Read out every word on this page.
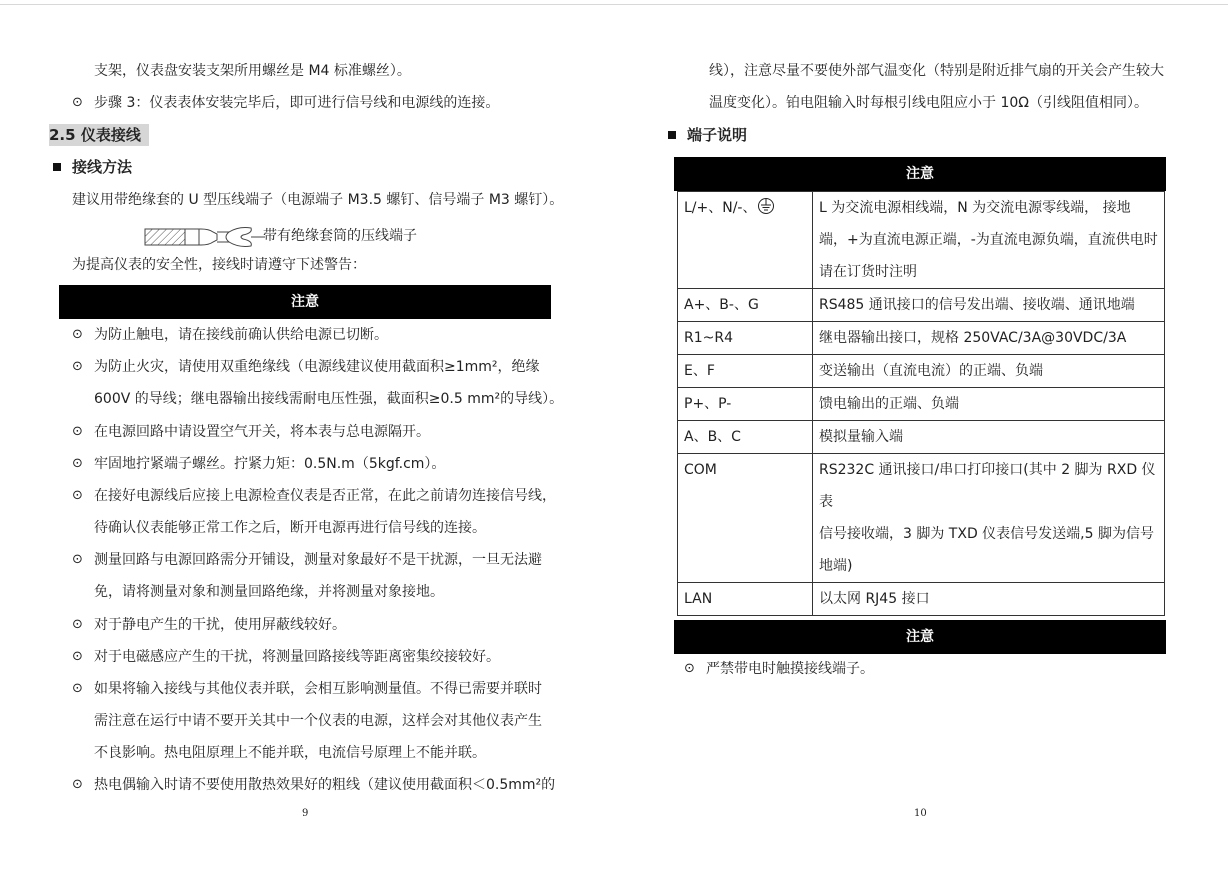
支架，仪表盘安装支架所用螺丝是 M4 标准螺丝）。
⊙ 步骤 3：仪表表体安装完毕后，即可进行信号线和电源线的连接。
2.5 仪表接线
接线方法
建议用带绝缘套的 U 型压线端子（电源端子 M3.5 螺钉、信号端子 M3 螺钉）。
带有绝缘套筒的压线端子
为提高仪表的安全性，接线时请遵守下述警告：
注意
⊙ 为防止触电，请在接线前确认供给电源已切断。
⊙ 为防止火灾，请使用双重绝缘线（电源线建议使用截面积≥1mm²，绝缘
600V 的导线；继电器输出接线需耐电压性强，截面积≥0.5 mm²的导线）。
⊙ 在电源回路中请设置空气开关，将本表与总电源隔开。
⊙ 牢固地拧紧端子螺丝。拧紧力矩：0.5N.m（5kgf.cm）。
⊙ 在接好电源线后应接上电源检查仪表是否正常，在此之前请勿连接信号线，
待确认仪表能够正常工作之后，断开电源再进行信号线的连接。
⊙ 测量回路与电源回路需分开铺设，测量对象最好不是干扰源，一旦无法避
免，请将测量对象和测量回路绝缘，并将测量对象接地。
⊙ 对于静电产生的干扰，使用屏蔽线较好。
⊙ 对于电磁感应产生的干扰，将测量回路接线等距离密集绞接较好。
⊙ 如果将输入接线与其他仪表并联，会相互影响测量值。不得已需要并联时
需注意在运行中请不要开关其中一个仪表的电源，这样会对其他仪表产生
不良影响。热电阻原理上不能并联，电流信号原理上不能并联。
⊙ 热电偶输入时请不要使用散热效果好的粗线（建议使用截面积＜0.5mm²的
9
线），注意尽量不要使外部气温变化（特别是附近排气扇的开关会产生较大
温度变化）。铂电阻输入时每根引线电阻应小于 10Ω（引线阻值相同）。
端子说明
注意
L/+、N/-、	L 为交流电源相线端，N 为交流电源零线端， 接地
端，+为直流电源正端，-为直流电源负端，直流供电时
请在订货时注明

A+、B-、G	RS485 通讯接口的信号发出端、接收端、通讯地端
R1~R4	继电器输出接口，规格 250VAC/3A@30VDC/3A
E、F	变送输出（直流电流）的正端、负端
P+、P-	馈电输出的正端、负端
A、B、C	模拟量输入端
COM	RS232C 通讯接口/串口打印接口(其中 2 脚为 RXD 仪表
信号接收端，3 脚为 TXD 仪表信号发送端,5 脚为信号
地端)

LAN	以太网 RJ45 接口
注意
⊙ 严禁带电时触摸接线端子。
10
